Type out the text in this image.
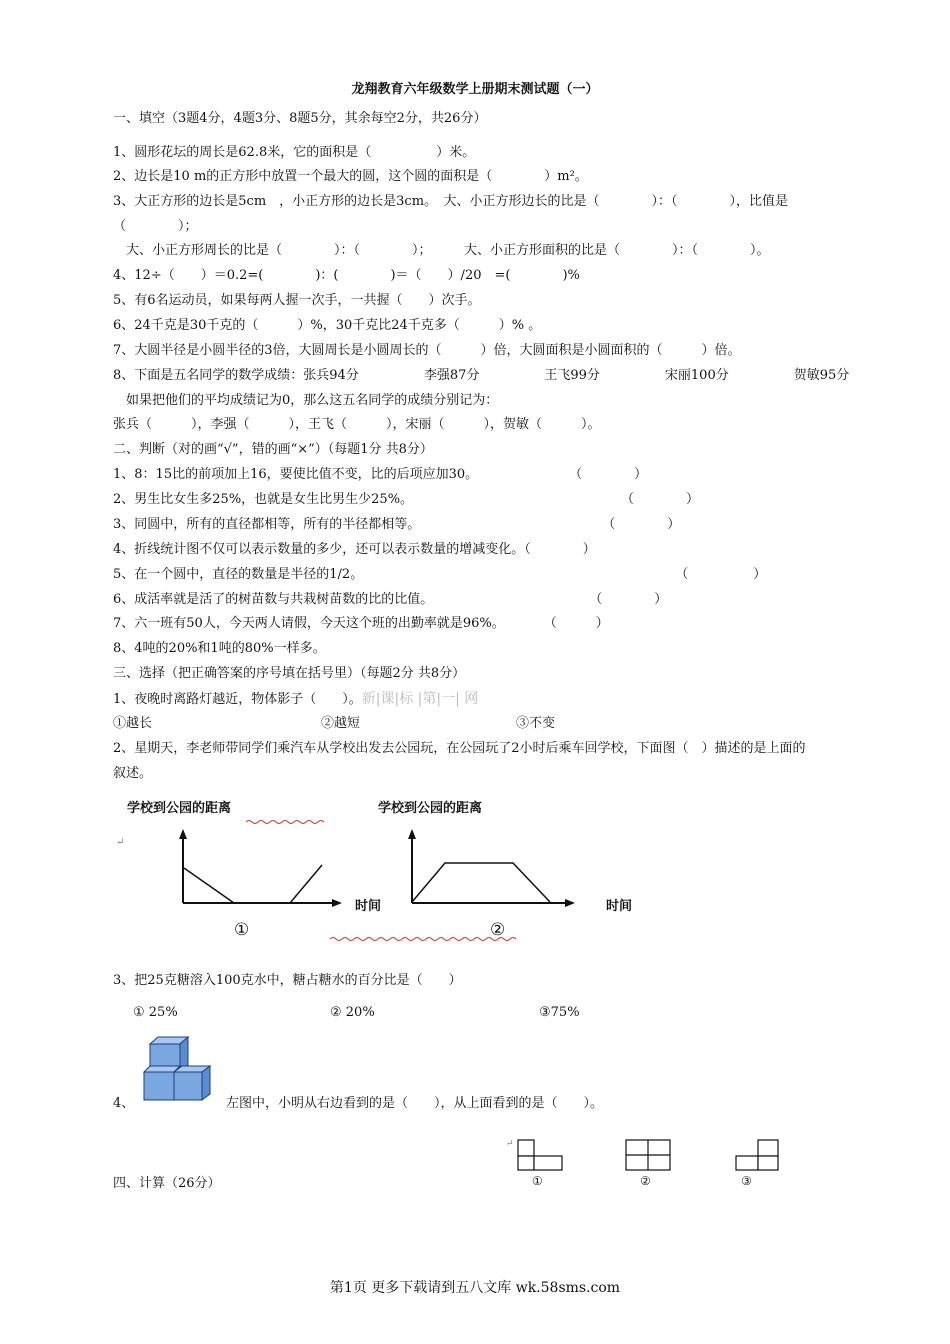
龙翔教育六年级数学上册期末测试题（一）
一、填空（3题4分，4题3分、8题5分，其余每空2分，共26分）
1、圆形花坛的周长是62.8米，它的面积是（　　　　　）米。
2、边长是10 m的正方形中放置一个最大的圆，这个圆的面积是（　　　　）m²。
3、大正方形的边长是5cm　，小正方形的边长是3cm。　大、小正方形边长的比是（　　　　）：（　　　　），比值是
（　　　　）；
　大、小正方形周长的比是（　　　　）：（　　　　）；　　　大、小正方形面积的比是（　　　　）：（　　　　）。
4、12÷（　　）＝0.2=(　　　　)：(　　　　)＝（　　）/20　=(　　　　)%
5、有6名运动员，如果每两人握一次手，一共握（　　）次手。
6、24千克是30千克的（　　　）%，30千克比24千克多（　　　）% 。
7、大圆半径是小圆半径的3倍，大圆周长是小圆周长的（　　　）倍，大圆面积是小圆面积的（　　　）倍。
8、下面是五名同学的数学成绩：张兵94分　　　　　李强87分　　　　　王飞99分　　　　　宋丽100分　　　　　贺敏95分
　如果把他们的平均成绩记为0，那么这五名同学的成绩分别记为：
张兵（　　　），李强（　　　），王飞（　　　），宋丽（　　　），贺敏（　　　）。
二、判断（对的画“√”，错的画“×”）（每题1分 共8分）
1、8：15比的前项加上16，要使比值不变，比的后项应加30。　　　　　　　　（　　　　）
2、男生比女生多25%，也就是女生比男生少25%。　　　　　　　　　　　　　　　　　（　　　　）
3、同圆中，所有的直径都相等，所有的半径都相等。　　　　　　　　　　　　　　　（　　　　）
4、折线统计图不仅可以表示数量的多少，还可以表示数量的增减变化。（　　　　）
5、在一个圆中，直径的数量是半径的1/2。　　　　　　　　　　　　　　　　　　　　　　　　　（　　　　　）
6、成活率就是活了的树苗数与共栽树苗数的比的比值。　　　　　　　　　　　　　（　　　　）
7、六一班有50人，今天两人请假，今天这个班的出勤率就是96%。　　　　（　　　）
8、4吨的20%和1吨的80%一样多。
三、选择（把正确答案的序号填在括号里）（每题2分 共8分）
1、夜晚时离路灯越近，物体影子（　　）。新|课|标 |第|一| 网
①越长　　　　　　　　　　　　　②越短　　　　　　　　　　　　③不变
2、星期天，李老师带同学们乘汽车从学校出发去公园玩，在公园玩了2小时后乘车回学校，下面图（　）描述的是上面的
叙述。
学校到公园的距离
↵
时间
①
学校到公园的距离
时间
②
3、把25克糖溶入100克水中，糖占糖水的百分比是（　　）
① 25%	② 20%	③75%
4、	左图中，小明从右边看到的是（　　），从上面看到的是（　　）。
↵
①	②	③
四、计算（26分）
第1页 更多下载请到五八文库 wk.58sms.com
